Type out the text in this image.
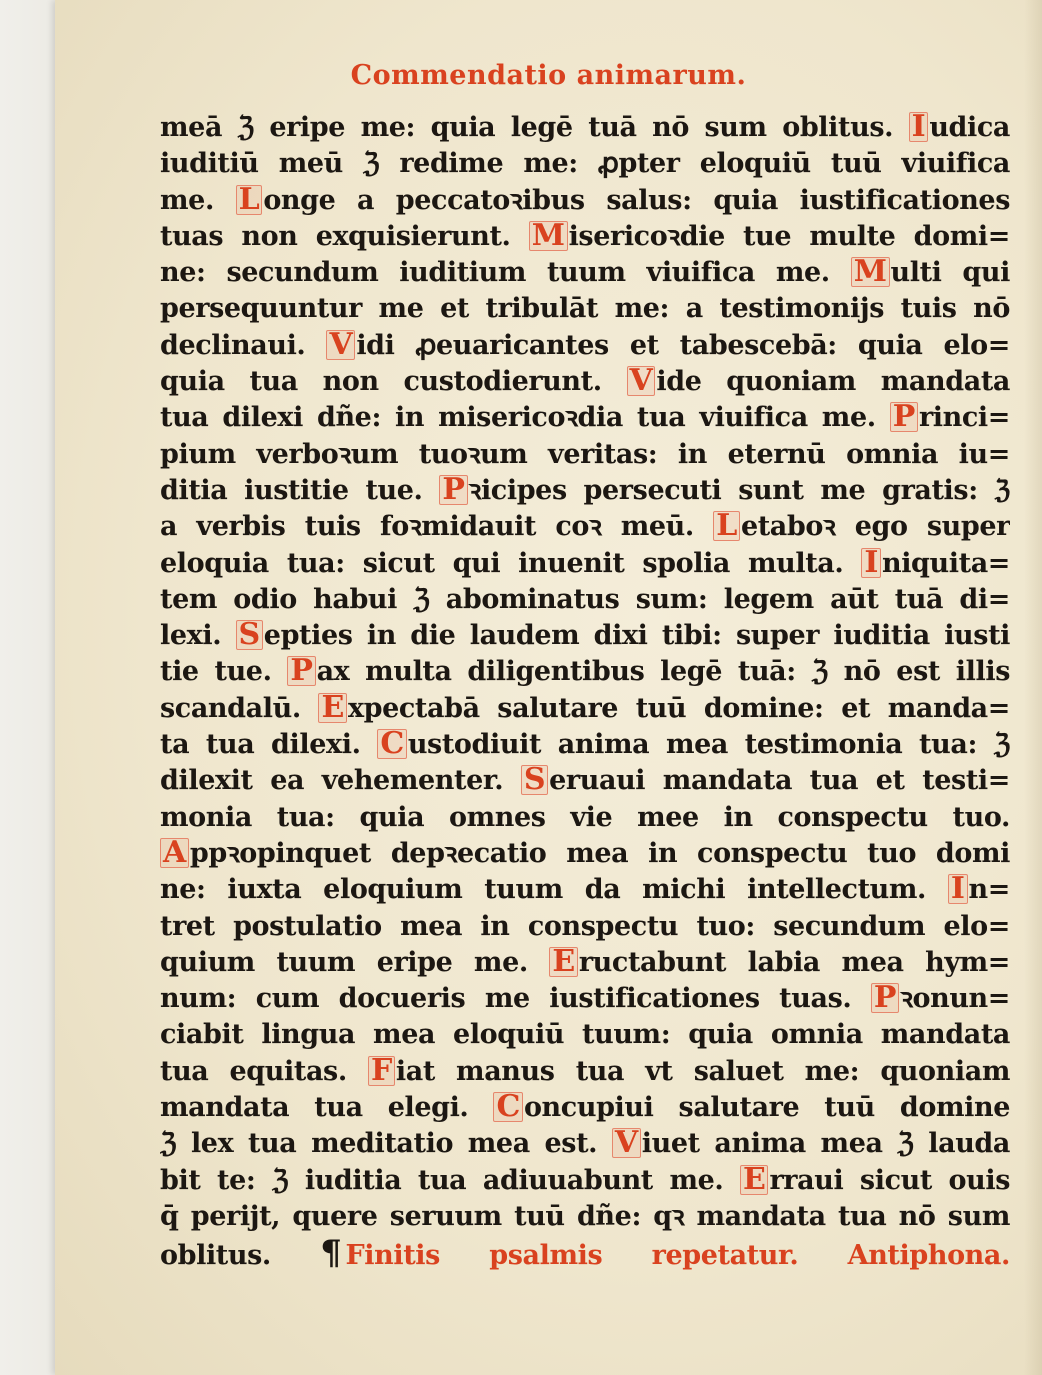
Commendatio animarum.
meā ℨ eripe me: quia legē tuā nō sum oblitus. I udica
iuditiū meū ℨ redime me: ꝓpter eloquiū tuū viuifica
me. L onge a peccatoꝛibus salus: quia iustificationes
tuas non exquisierunt. M isericoꝛdie tue multe domi=
ne: secundum iuditium tuum viuifica me. M ulti qui
persequuntur me et tribulāt me: a testimonijs tuis nō
declinaui. V idi ꝓeuaricantes et tabescebā: quia elo=
quia tua non custodierunt. V ide quoniam mandata
tua dilexi dñe: in misericoꝛdia tua viuifica me. P rinci=
pium verboꝛum tuoꝛum veritas: in eternū omnia iu=
ditia iustitie tue. P ꝛicipes persecuti sunt me gratis: ℨ
a verbis tuis foꝛmidauit coꝛ meū. L etaboꝛ ego super
eloquia tua: sicut qui inuenit spolia multa. I niquita=
tem odio habui ℨ abominatus sum: legem aūt tuā di=
lexi. S epties in die laudem dixi tibi: super iuditia iusti
tie tue. P ax multa diligentibus legē tuā: ℨ nō est illis
scandalū. E xpectabā salutare tuū domine: et manda=
ta tua dilexi. C ustodiuit anima mea testimonia tua: ℨ
dilexit ea vehementer. S eruaui mandata tua et testi=
monia tua: quia omnes vie mee in conspectu tuo.
A ppꝛopinquet depꝛecatio mea in conspectu tuo domi
ne: iuxta eloquium tuum da michi intellectum. I n=
tret postulatio mea in conspectu tuo: secundum elo=
quium tuum eripe me. E ructabunt labia mea hym=
num: cum docueris me iustificationes tuas. P ꝛonun=
ciabit lingua mea eloquiū tuum: quia omnia mandata
tua equitas. F iat manus tua vt saluet me: quoniam
mandata tua elegi. C oncupiui salutare tuū domine
ℨ lex tua meditatio mea est. V iuet anima mea ℨ lauda
bit te: ℨ iuditia tua adiuuabunt me. E rraui sicut ouis
q̄ perijt, quere seruum tuū dñe: qꝛ mandata tua nō sum
oblitus. ¶ Finitis psalmis repetatur. Antiphona.
